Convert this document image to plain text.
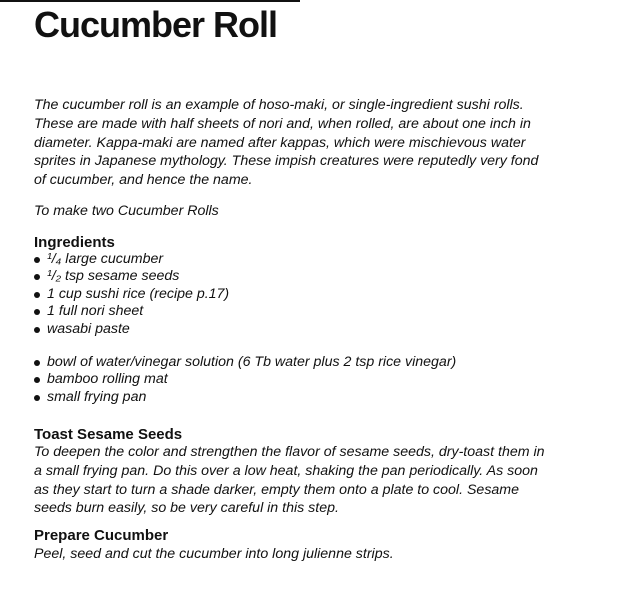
Cucumber Roll

The cucumber roll is an example of hoso-maki, or single-ingredient sushi rolls.

These are made with half sheets of nori and, when rolled, are about one inch in

diameter. Kappa-maki are named after kappas, which were mischievous water

sprites in Japanese mythology. These impish creatures were reputedly very fond

of cucumber, and hence the name.

To make two Cucumber Rolls

Ingredients
¹/₄ large cucumber
¹/₂ tsp sesame seeds
1 cup sushi rice (recipe p.17)
1 full nori sheet
wasabi paste
bowl of water/vinegar solution (6 Tb water plus 2 tsp rice vinegar)
bamboo rolling mat
small frying pan
Toast Sesame Seeds

To deepen the color and strengthen the flavor of sesame seeds, dry-toast them in

a small frying pan. Do this over a low heat, shaking the pan periodically. As soon

as they start to turn a shade darker, empty them onto a plate to cool. Sesame

seeds burn easily, so be very careful in this step.

Prepare Cucumber

Peel, seed and cut the cucumber into long julienne strips.
